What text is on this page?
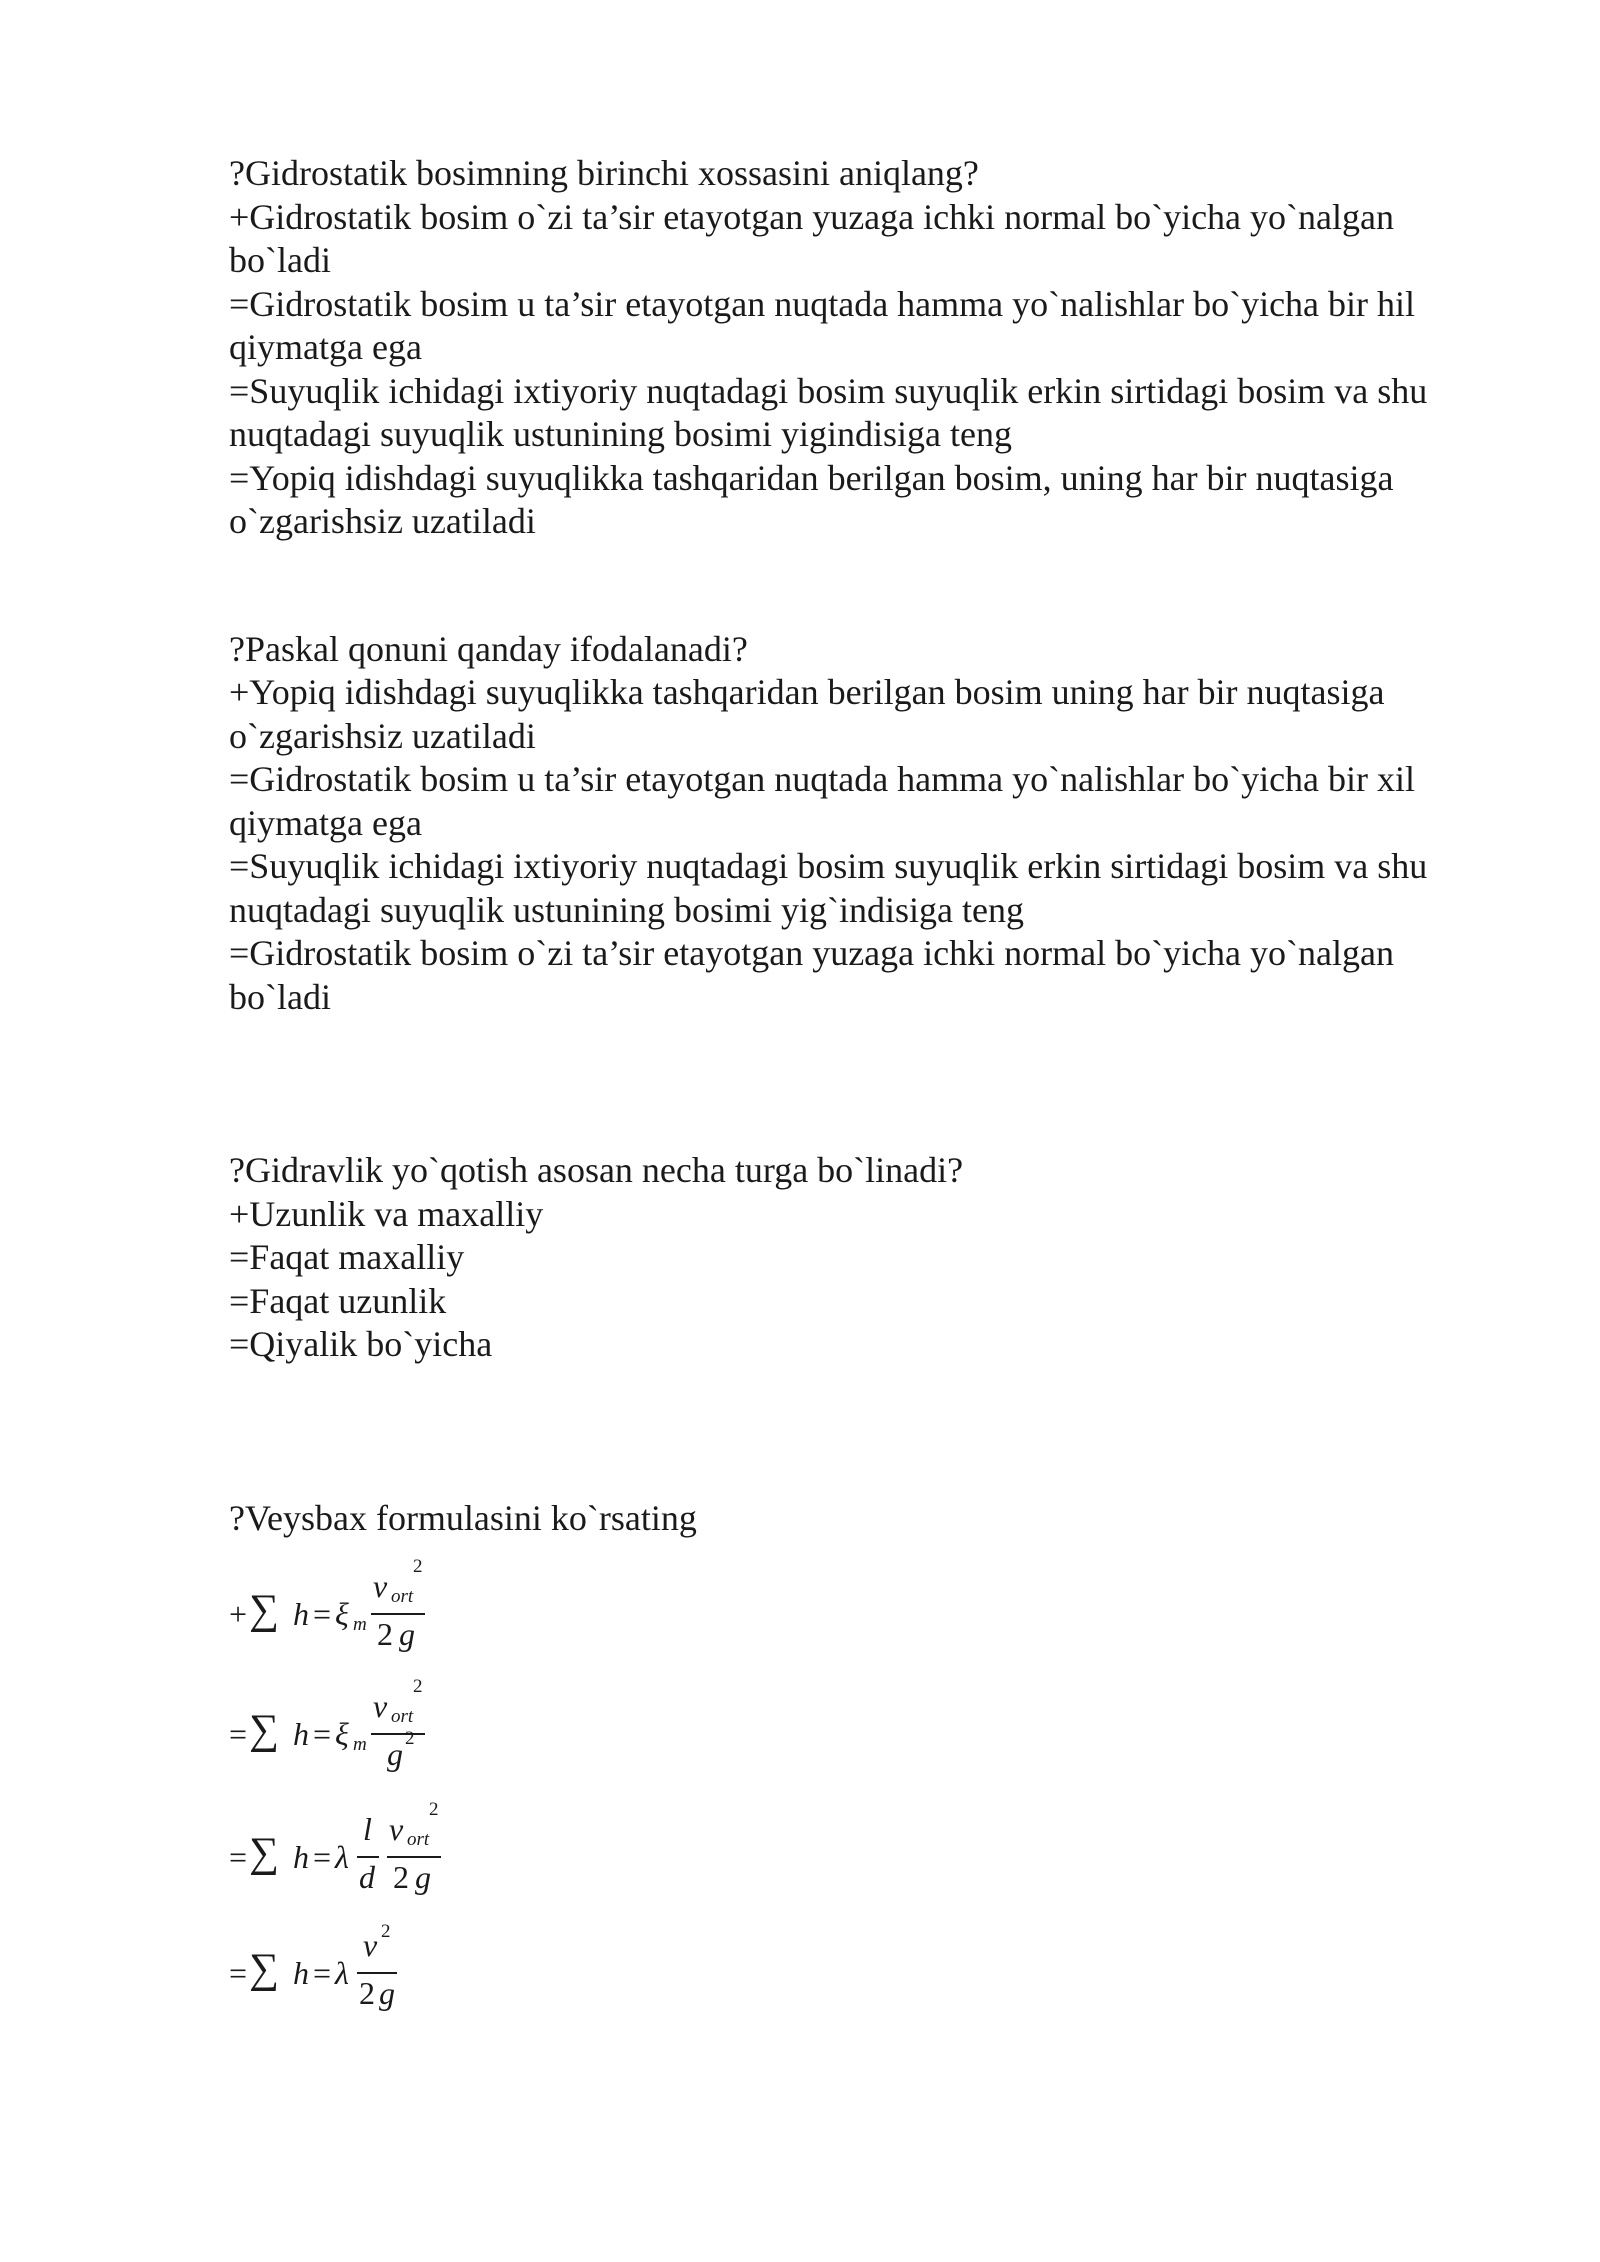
?Gidrostatik bosimning birinchi xossasini aniqlang?
+Gidrostatik bosim o`zi ta’sir etayotgan yuzaga ichki normal bo`yicha yo`nalgan
bo`ladi
=Gidrostatik bosim u ta’sir etayotgan nuqtada hamma yo`nalishlar bo`yicha bir hil
qiymatga ega
=Suyuqlik ichidagi ixtiyoriy nuqtadagi bosim suyuqlik erkin sirtidagi bosim va shu
nuqtadagi suyuqlik ustunining bosimi yigindisiga teng
=Yopiq idishdagi suyuqlikka tashqaridan berilgan bosim, uning har bir nuqtasiga
o`zgarishsiz uzatiladi
?Paskal qonuni qanday ifodalanadi?
+Yopiq idishdagi suyuqlikka tashqaridan berilgan bosim uning har bir nuqtasiga
o`zgarishsiz uzatiladi
=Gidrostatik bosim u ta’sir etayotgan nuqtada hamma yo`nalishlar bo`yicha bir xil
qiymatga ega
=Suyuqlik ichidagi ixtiyoriy nuqtadagi bosim suyuqlik erkin sirtidagi bosim va shu
nuqtadagi suyuqlik ustunining bosimi yig`indisiga teng
=Gidrostatik bosim o`zi ta’sir etayotgan yuzaga ichki normal bo`yicha yo`nalgan
bo`ladi
?Gidravlik yo`qotish asosan necha turga bo`linadi?
+Uzunlik va maxalliy
=Faqat maxalliy
=Faqat uzunlik
=Qiyalik bo`yicha
?Veysbax formulasini ko`rsating
+ ∑ h = ξ m
v ort
2
2 g
= ∑ h = ξ m
v ort
2
g 2
= ∑ h = λ
l
d
v ort
2
2 g
= ∑ h = λ
v 2
2 g
